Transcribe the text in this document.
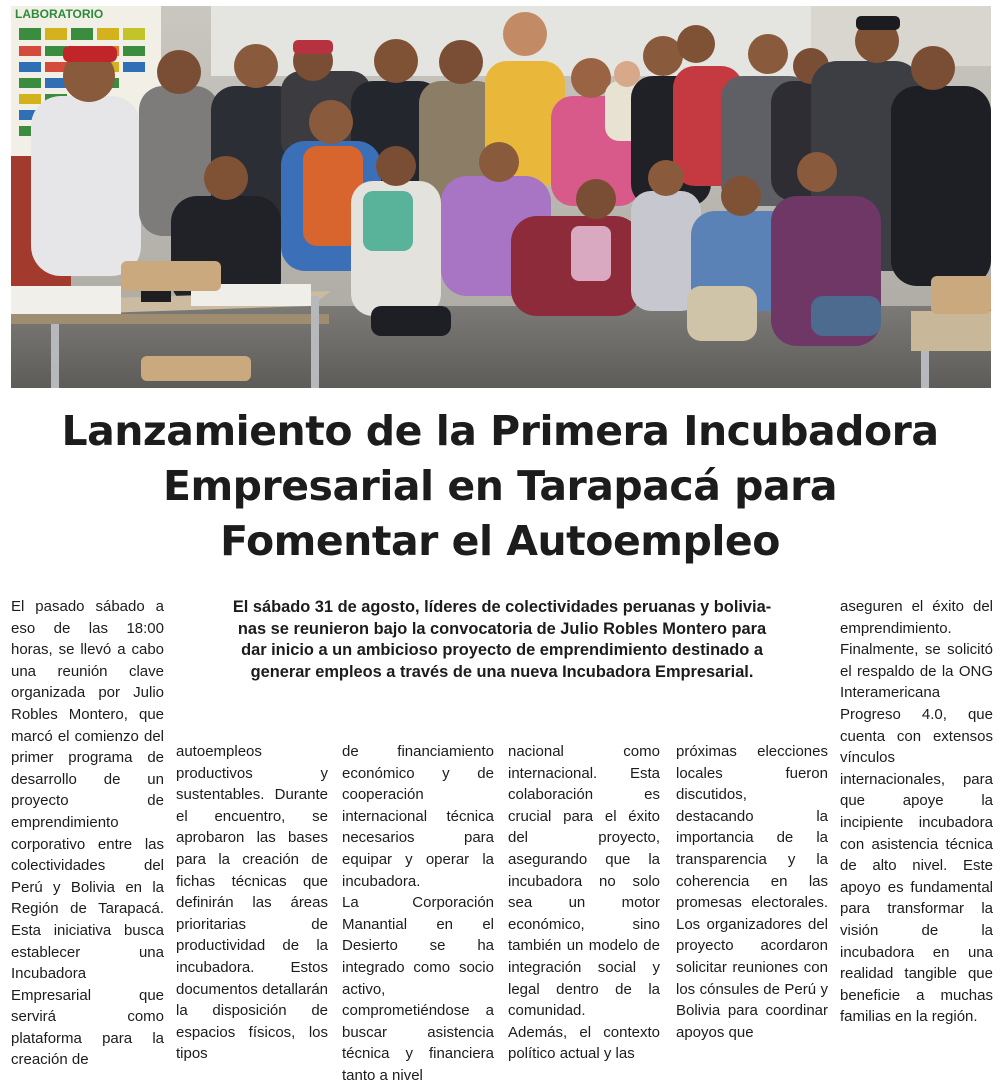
LABORATORIO
Lanzamiento de la Primera Incubadora
Empresarial en Tarapacá para
Fomentar el Autoempleo
El sábado 31 de agosto, líderes de colectividades peruanas y bolivia-
nas se reunieron bajo la convocatoria de Julio Robles Montero para
dar inicio a un ambicioso proyecto de emprendimiento destinado a
generar empleos a través de una nueva Incubadora Empresarial.

El pasado sábado a eso de las 18:00 horas, se llevó a cabo una reunión clave organizada por Julio Robles Montero, que marcó el comienzo del primer programa de desarrollo de un proyecto de emprendimiento corporativo entre las colectividades del Perú y Bolivia en la Región de Tarapacá. Esta iniciativa busca establecer una Incubadora Empresarial que servirá como plataforma para la creación de

autoempleos productivos y sustentables. Durante el encuentro, se aprobaron las bases para la creación de fichas técnicas que definirán las áreas prioritarias de productividad de la incubadora. Estos documentos detallarán la disposición de espacios físicos, los tipos

de financiamiento económico y de cooperación internacional técnica necesarios para equipar y operar la incubadora.

La Corporación Manantial en el Desierto se ha integrado como socio activo, comprometiéndose a buscar asistencia técnica y financiera tanto a nivel

nacional como internacional. Esta colaboración es crucial para el éxito del proyecto, asegurando que la incubadora no solo sea un motor económico, sino también un modelo de integración social y legal dentro de la comunidad.

Además, el contexto político actual y las

próximas elecciones locales fueron discutidos, destacando la importancia de la transparencia y la coherencia en las promesas electorales. Los organizadores del proyecto acordaron solicitar reuniones con los cónsules de Perú y Bolivia para coordinar apoyos que

aseguren el éxito del emprendimiento.

Finalmente, se solicitó el respaldo de la ONG Interamericana Progreso 4.0, que cuenta con extensos vínculos internacionales, para que apoye la incipiente incubadora con asistencia técnica de alto nivel. Este apoyo es fundamental para transformar la visión de la incubadora en una realidad tangible que beneficie a muchas familias en la región.
